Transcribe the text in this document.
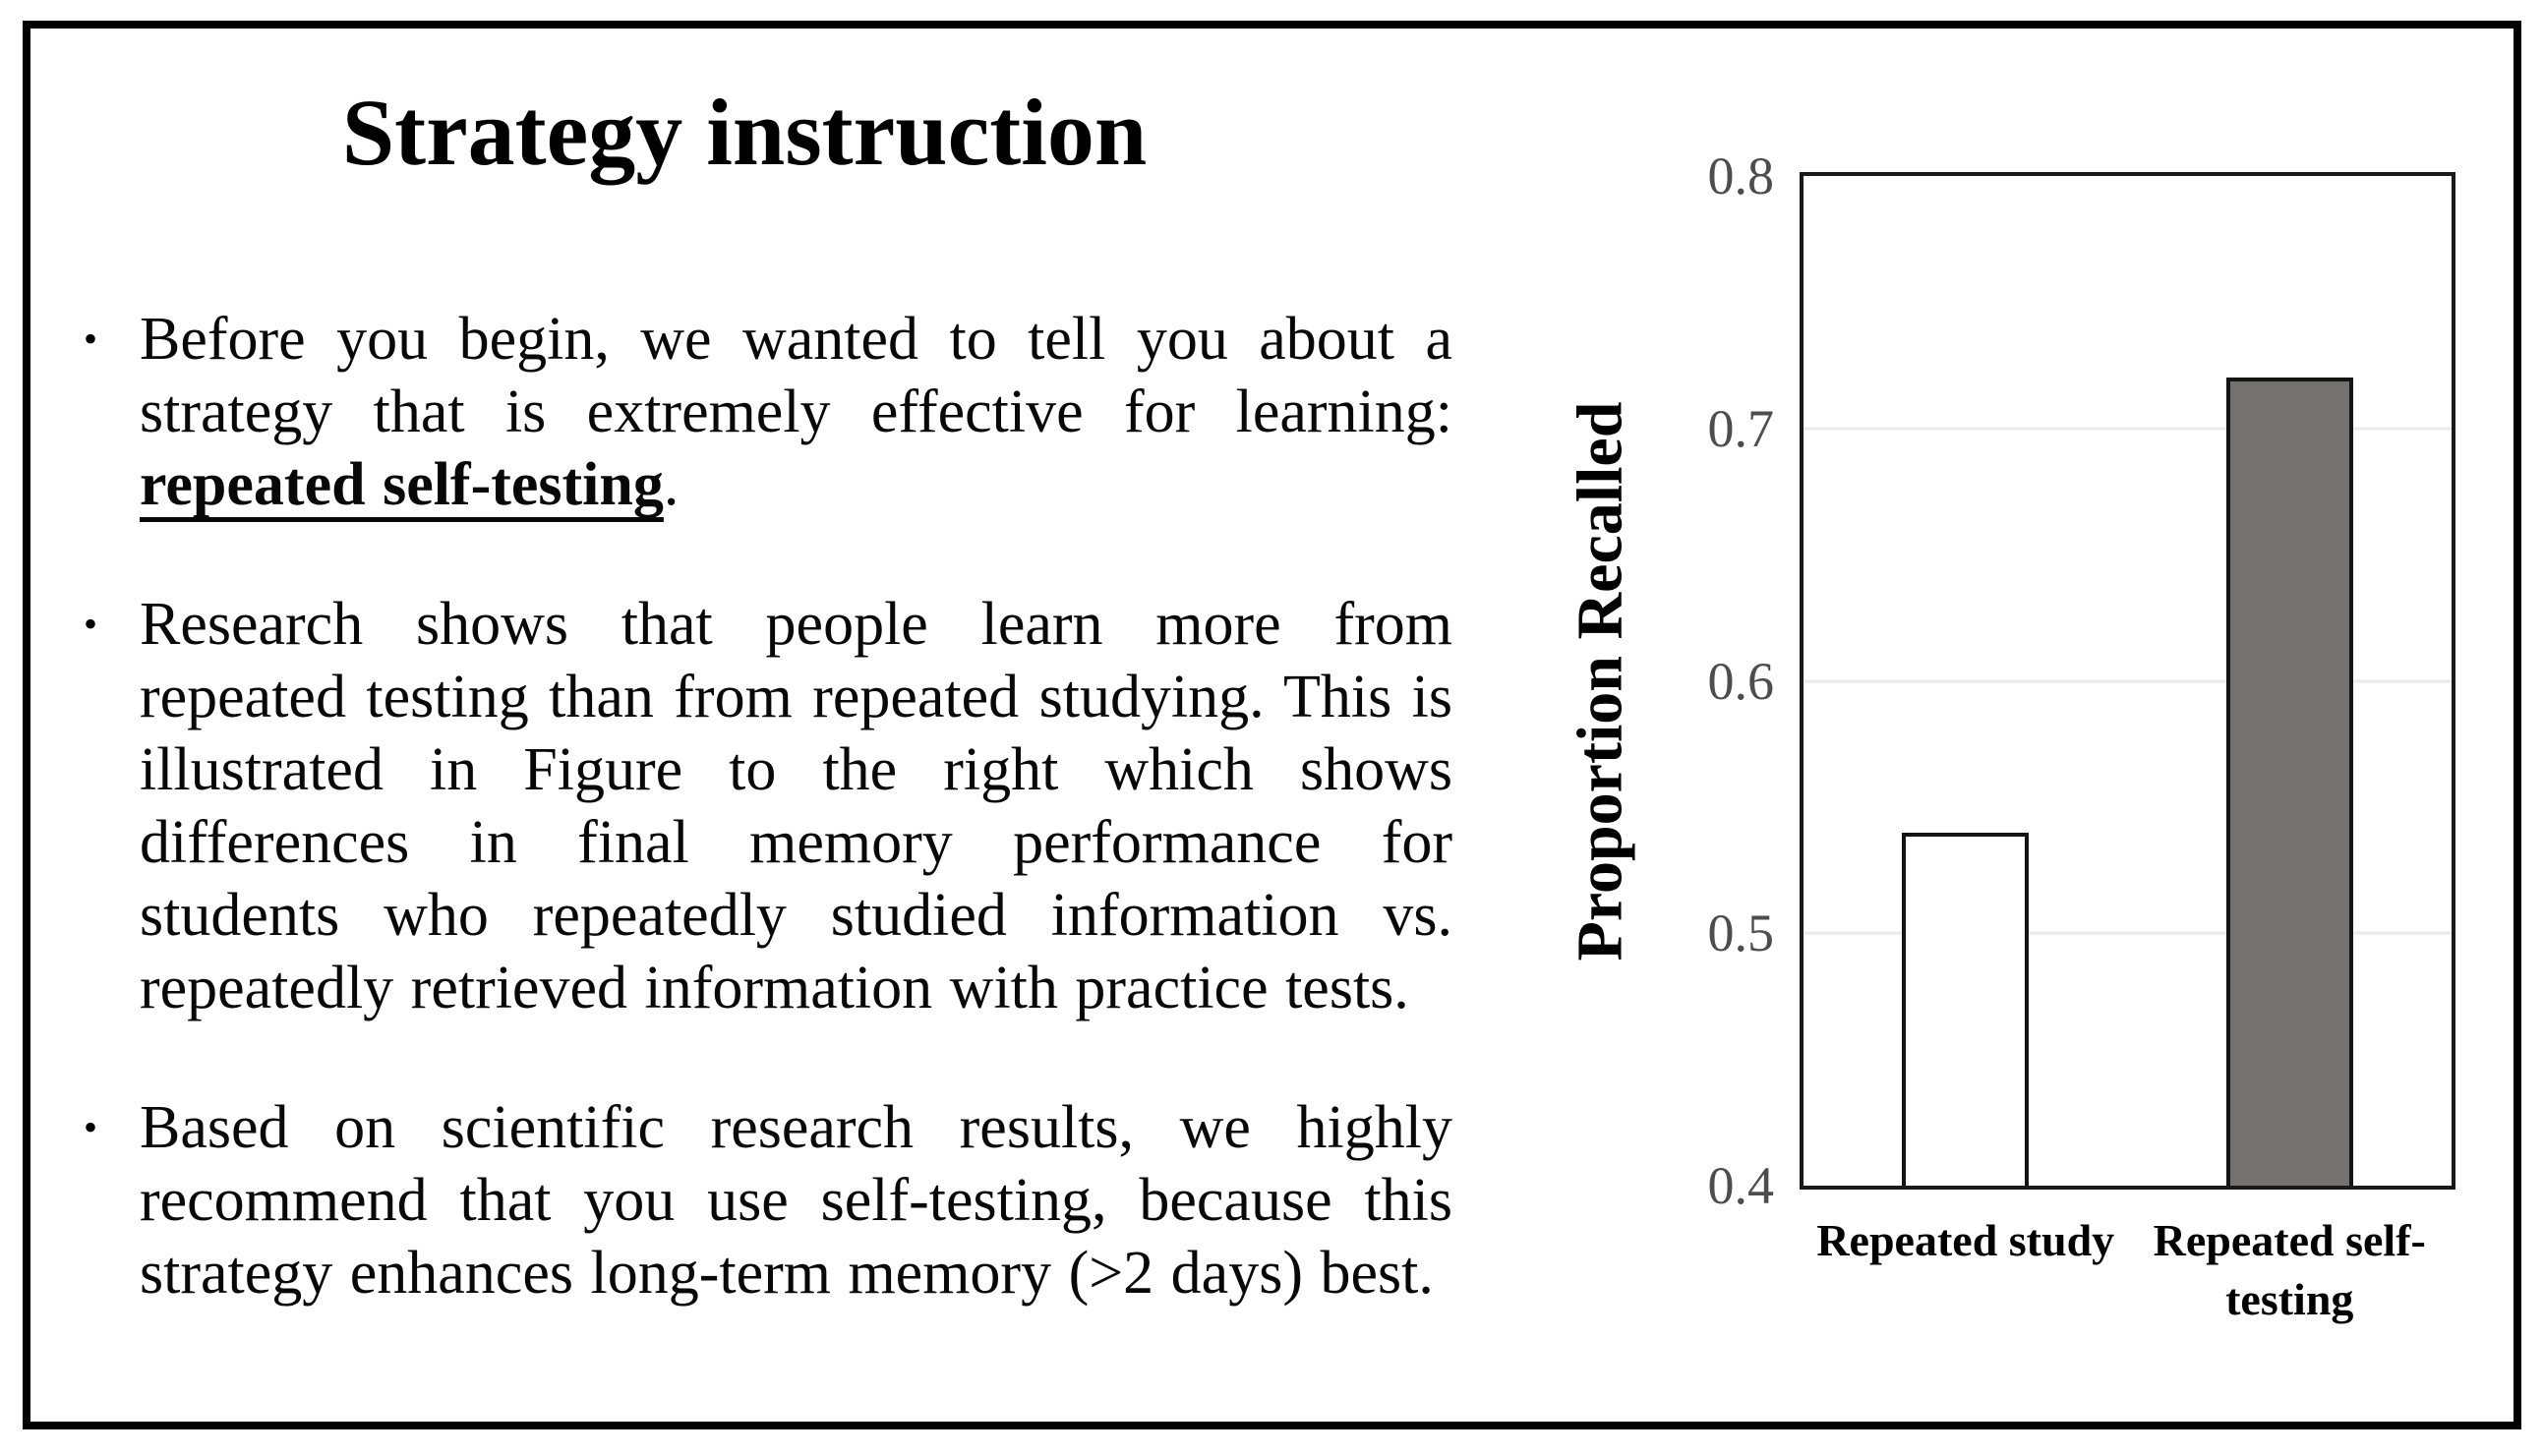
Strategy instruction
• Before you begin, we wanted to tell you about a strategy that is extremely effective for learning: repeated self-testing.
• Research shows that people learn more from repeated testing than from repeated studying. This is illustrated in Figure to the right which shows differences in final memory performance for students who repeatedly studied information vs. repeatedly retrieved information with practice tests.
• Based on scientific research results, we highly recommend that you use self-testing, because this strategy enhances long-term memory (>2 days) best.
Proportion Recalled
0.8
0.7
0.6
0.5
0.4
Repeated study Repeated self-testing
